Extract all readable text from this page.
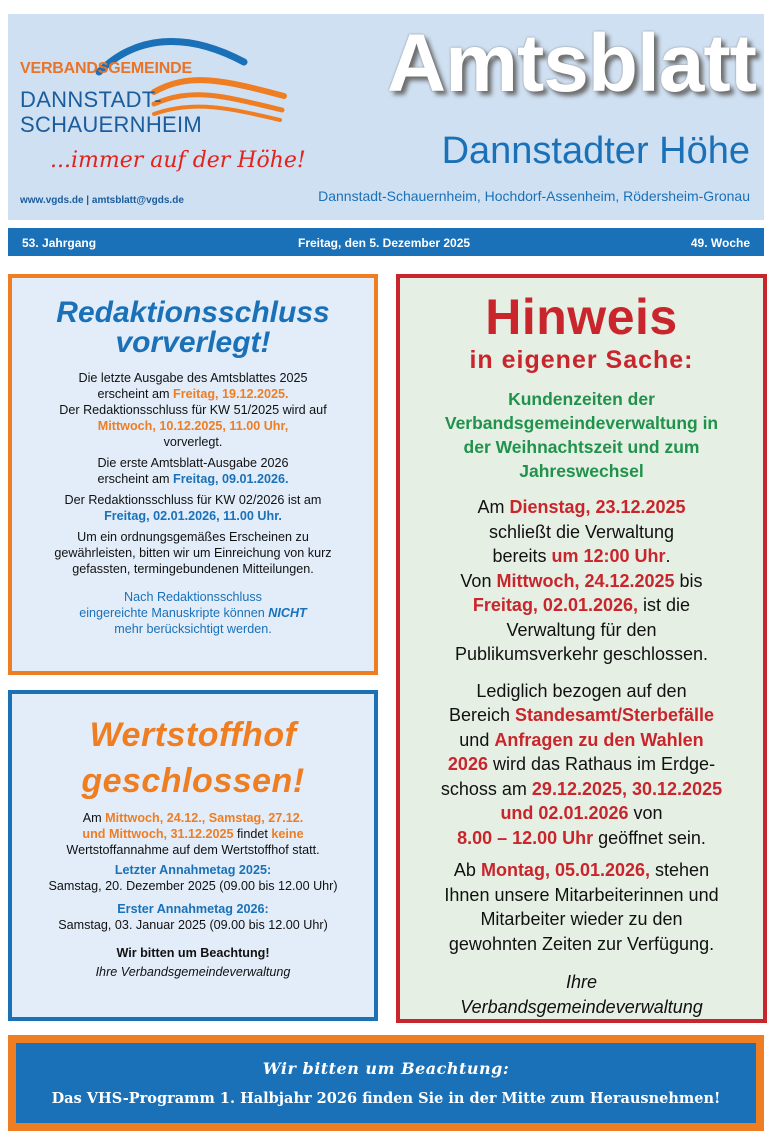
VERBANDSGEMEINDE
DANNSTADT-
SCHAUERNHEIM
...immer auf der Höhe!
www.vgds.de | amtsblatt@vgds.de
Amtsblatt
Dannstadter Höhe
Dannstadt-Schauernheim, Hochdorf-Assenheim, Rödersheim-Gronau
53. Jahrgang	Freitag, den 5. Dezember 2025	49. Woche
Redaktionsschluss
vorverlegt!
Die letzte Ausgabe des Amtsblattes 2025
erscheint am Freitag, 19.12.2025.
Der Redaktionsschluss für KW 51/2025 wird auf
Mittwoch, 10.12.2025, 11.00 Uhr,
vorverlegt.
Die erste Amtsblatt-Ausgabe 2026
erscheint am Freitag, 09.01.2026.
Der Redaktionsschluss für KW 02/2026 ist am
Freitag, 02.01.2026, 11.00 Uhr.
Um ein ordnungsgemäßes Erscheinen zu
gewährleisten, bitten wir um Einreichung von kurz
gefassten, termingebundenen Mitteilungen.
Nach Redaktionsschluss
eingereichte Manuskripte können NICHT
mehr berücksichtigt werden.
Wertstoffhof
geschlossen!
Am Mittwoch, 24.12., Samstag, 27.12.
und Mittwoch, 31.12.2025 findet keine
Wertstoffannahme auf dem Wertstoffhof statt.
Letzter Annahmetag 2025:
Samstag, 20. Dezember 2025 (09.00 bis 12.00 Uhr)
Erster Annahmetag 2026:
Samstag, 03. Januar 2025 (09.00 bis 12.00 Uhr)
Wir bitten um Beachtung!
Ihre Verbandsgemeindeverwaltung
Hinweis
in eigener Sache:
Kundenzeiten der
Verbandsgemeindeverwaltung in
der Weihnachtszeit und zum
Jahreswechsel
Am Dienstag, 23.12.2025
schließt die Verwaltung
bereits um 12:00 Uhr.
Von Mittwoch, 24.12.2025 bis
Freitag, 02.01.2026, ist die
Verwaltung für den
Publikumsverkehr geschlossen.
Lediglich bezogen auf den
Bereich Standesamt/Sterbefälle
und Anfragen zu den Wahlen
2026 wird das Rathaus im Erdge-
schoss am 29.12.2025, 30.12.2025
und 02.01.2026 von
8.00 – 12.00 Uhr geöffnet sein.
Ab Montag, 05.01.2026, stehen
Ihnen unsere Mitarbeiterinnen und
Mitarbeiter wieder zu den
gewohnten Zeiten zur Verfügung.
Ihre
Verbandsgemeindeverwaltung
Wir bitten um Beachtung:
Das VHS-Programm 1. Halbjahr 2026 finden Sie in der Mitte zum Herausnehmen!
